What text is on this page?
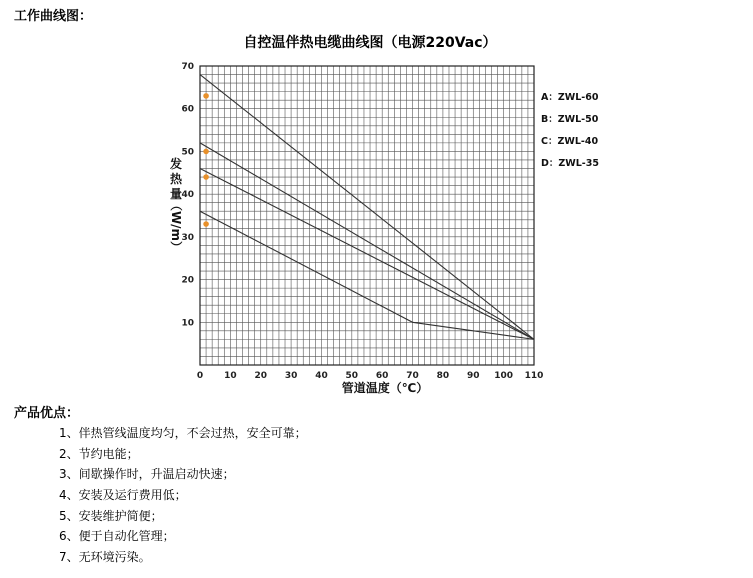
工作曲线图：
自控温伴热电缆曲线图（电源220Vac）
10
20
30
40
50
60
70
0 10 20 30 40 50 60 70 80 90 100 110
A：ZWL-60
B：ZWL-50
C：ZWL-40
D：ZWL-35
发
热
量
（W/m）
管道温度（℃）
产品优点：
1、伴热管线温度均匀，不会过热，安全可靠；
2、节约电能；
3、间歇操作时，升温启动快速；
4、安装及运行费用低；
5、安装维护简便；
6、便于自动化管理；
7、无环境污染。
